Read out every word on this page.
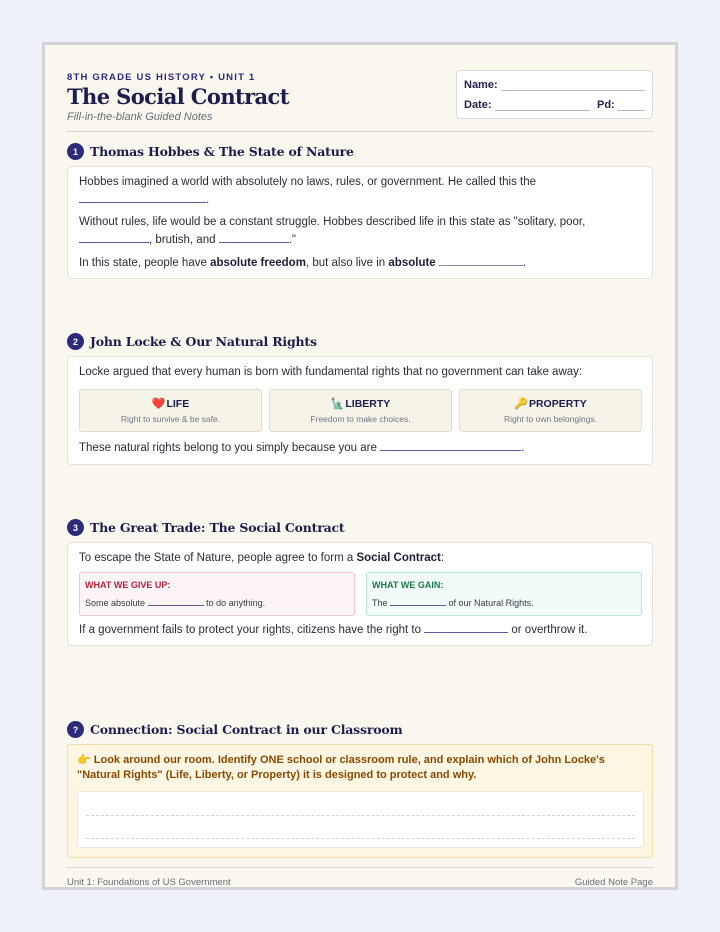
8TH GRADE US HISTORY • UNIT 1
The Social Contract
Fill-in-the-blank Guided Notes
Name:
Date:	Pd:
1 Thomas Hobbes & The State of Nature
Hobbes imagined a world with absolutely no laws, rules, or government. He called this the
.
Without rules, life would be a constant struggle. Hobbes described life in this state as "solitary, poor,
, brutish, and	."
In this state, people have absolute freedom, but also live in absolute	.
2 John Locke & Our Natural Rights
Locke argued that every human is born with fundamental rights that no government can take away:
❤️LIFE
Right to survive & be safe.
🗽LIBERTY
Freedom to make choices.
🔑PROPERTY
Right to own belongings.
These natural rights belong to you simply because you are	.
3 The Great Trade: The Social Contract
To escape the State of Nature, people agree to form a Social Contract:
WHAT WE GIVE UP:
Some absolute	to do anything.
WHAT WE GAIN:
The	of our Natural Rights.
If a government fails to protect your rights, citizens have the right to	or overthrow it.
? Connection: Social Contract in our Classroom
👉 Look around our room. Identify ONE school or classroom rule, and explain which of John Locke's "Natural Rights" (Life, Liberty, or Property) it is designed to protect and why.
Unit 1: Foundations of US Government	Guided Note Page
